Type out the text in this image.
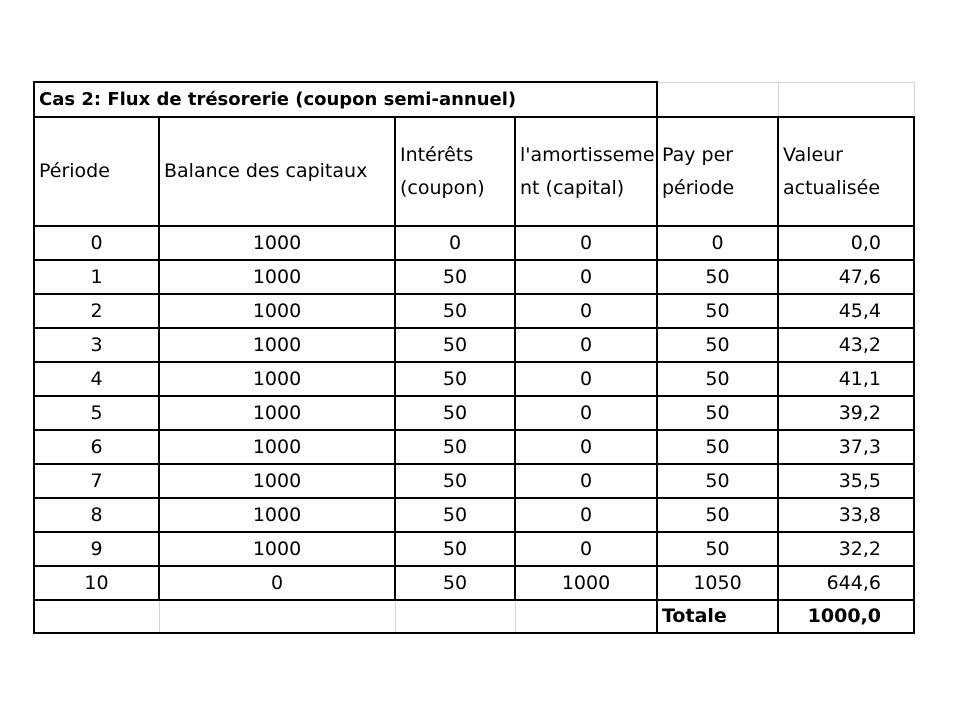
Cas 2: Flux de trésorerie (coupon semi-annuel)					
Période	Balance des capitaux	Intérêts (coupon)	l'amortissement (capital)	Pay per période	Valeur actualisée
0	1000	0	0	0	0,0
1	1000	50	0	50	47,6
2	1000	50	0	50	45,4
3	1000	50	0	50	43,2
4	1000	50	0	50	41,1
5	1000	50	0	50	39,2
6	1000	50	0	50	37,3
7	1000	50	0	50	35,5
8	1000	50	0	50	33,8
9	1000	50	0	50	32,2
10	0	50	1000	1050	644,6
				Totale	1000,0
